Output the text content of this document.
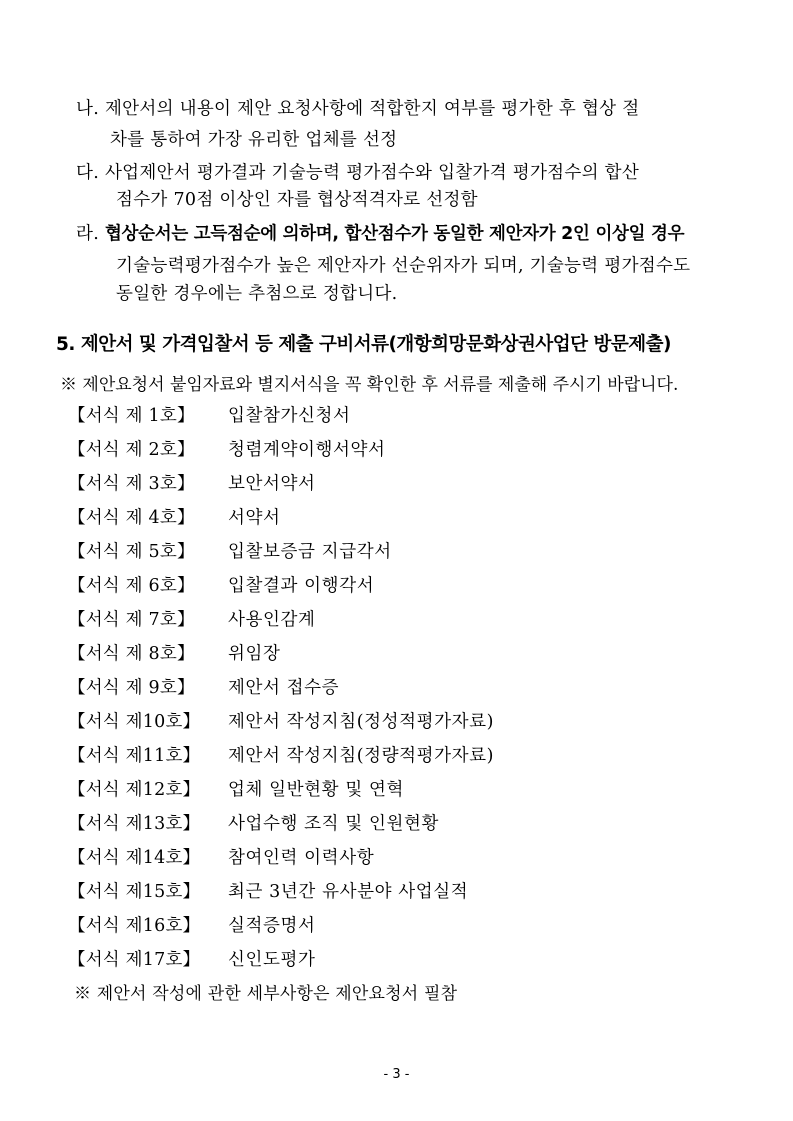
나. 제안서의 내용이 제안 요청사항에 적합한지 여부를 평가한 후 협상 절
차를 통하여 가장 유리한 업체를 선정
다. 사업제안서 평가결과 기술능력 평가점수와 입찰가격 평가점수의 합산
점수가 70점 이상인 자를 협상적격자로 선정함
라. 협상순서는 고득점순에 의하며, 합산점수가 동일한 제안자가 2인 이상일 경우
기술능력평가점수가 높은 제안자가 선순위자가 되며, 기술능력 평가점수도
동일한 경우에는 추첨으로 정합니다.
5. 제안서 및 가격입찰서 등 제출 구비서류(개항희망문화상권사업단 방문제출)
※ 제안요청서 붙임자료와 별지서식을 꼭 확인한 후 서류를 제출해 주시기 바랍니다.
【서식 제 1호】 입찰참가신청서
【서식 제 2호】 청렴계약이행서약서
【서식 제 3호】 보안서약서
【서식 제 4호】 서약서
【서식 제 5호】 입찰보증금 지급각서
【서식 제 6호】 입찰결과 이행각서
【서식 제 7호】 사용인감계
【서식 제 8호】 위임장
【서식 제 9호】 제안서 접수증
【서식 제10호】 제안서 작성지침(정성적평가자료)
【서식 제11호】 제안서 작성지침(정량적평가자료)
【서식 제12호】 업체 일반현황 및 연혁
【서식 제13호】 사업수행 조직 및 인원현황
【서식 제14호】 참여인력 이력사항
【서식 제15호】 최근 3년간 유사분야 사업실적
【서식 제16호】 실적증명서
【서식 제17호】 신인도평가
※ 제안서 작성에 관한 세부사항은 제안요청서 필참
- 3 -
